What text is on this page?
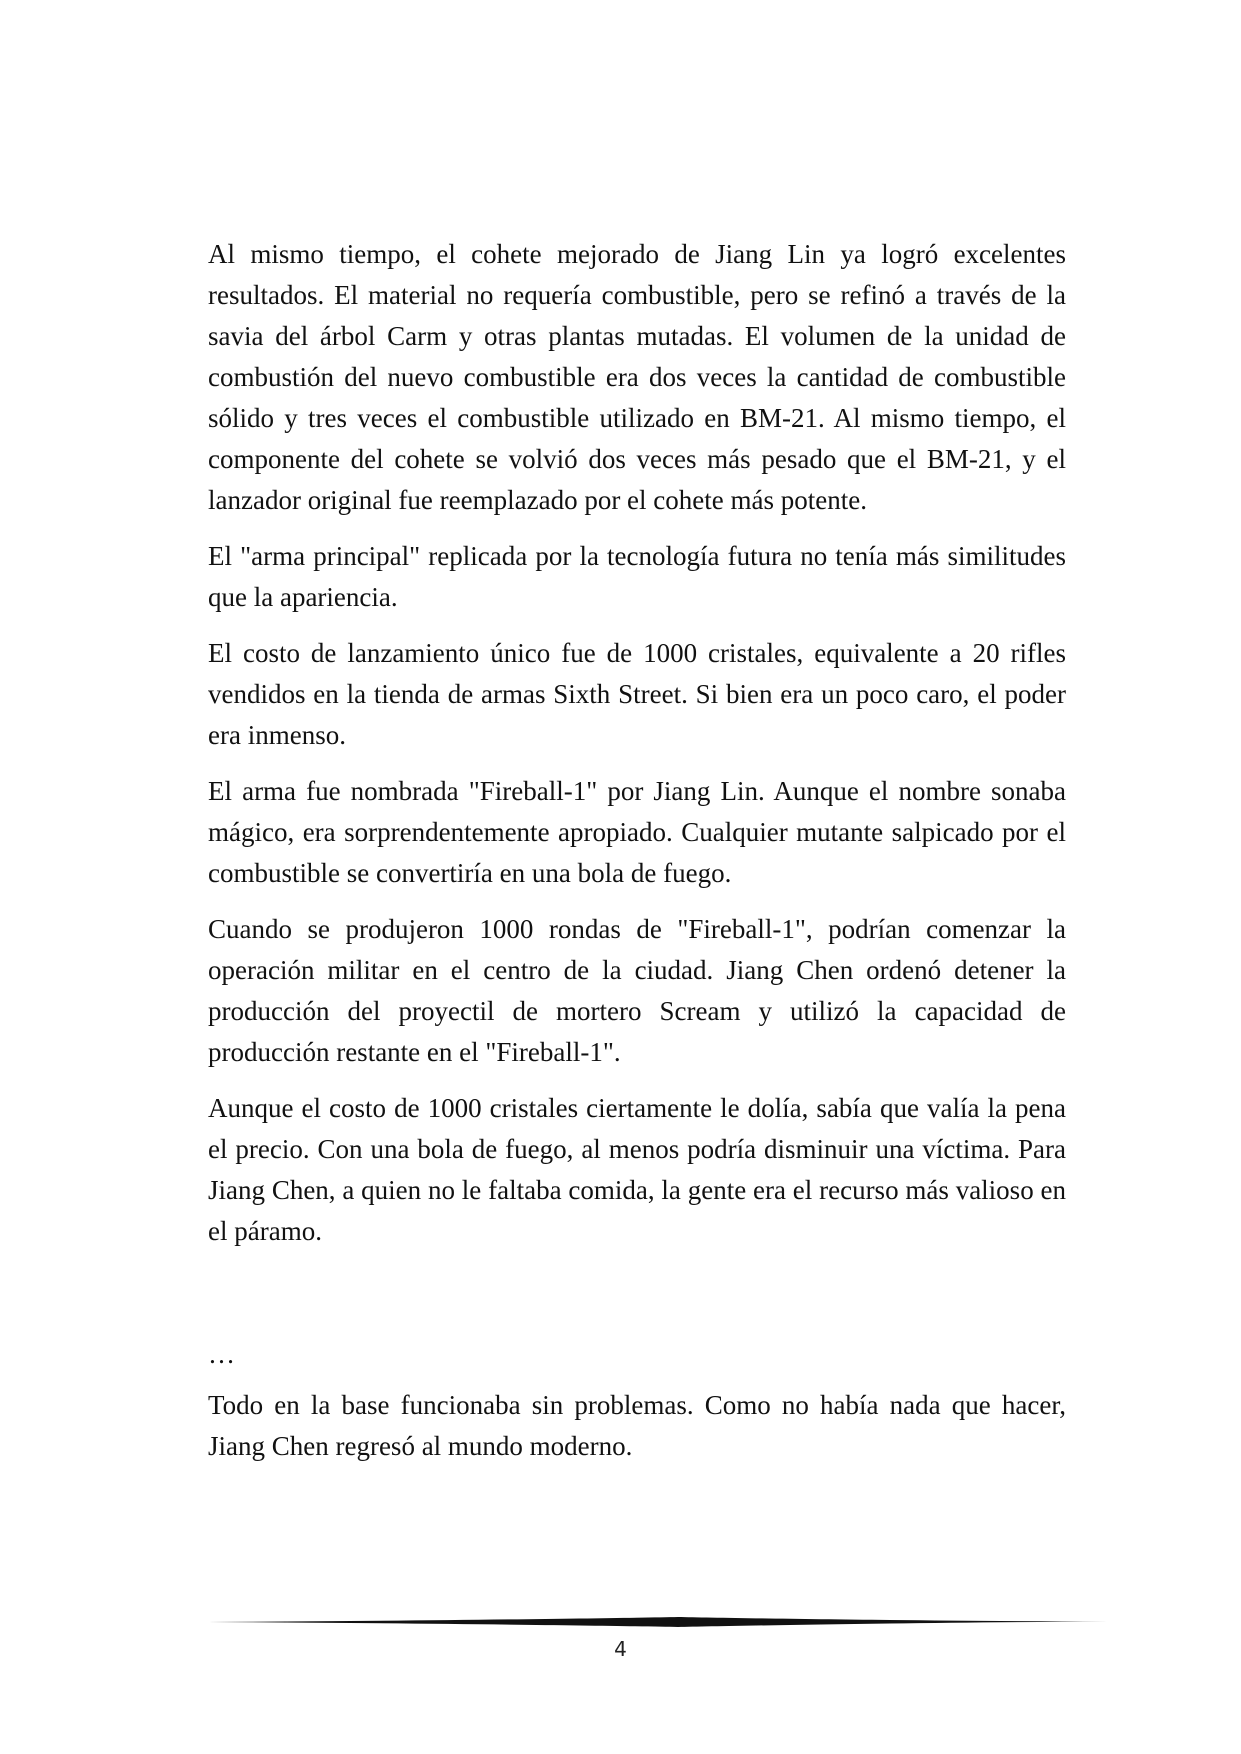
Al mismo tiempo, el cohete mejorado de Jiang Lin ya logró excelentes resultados. El material no requería combustible, pero se refinó a través de la savia del árbol Carm y otras plantas mutadas. El volumen de la unidad de combustión del nuevo combustible era dos veces la cantidad de combustible sólido y tres veces el combustible utilizado en BM-21. Al mismo tiempo, el componente del cohete se volvió dos veces más pesado que el BM-21, y el lanzador original fue reemplazado por el cohete más potente.

El "arma principal" replicada por la tecnología futura no tenía más similitudes que la apariencia.

El costo de lanzamiento único fue de 1000 cristales, equivalente a 20 rifles vendidos en la tienda de armas Sixth Street. Si bien era un poco caro, el poder era inmenso.

El arma fue nombrada "Fireball-1" por Jiang Lin. Aunque el nombre sonaba mágico, era sorprendentemente apropiado. Cualquier mutante salpicado por el combustible se convertiría en una bola de fuego.

Cuando se produjeron 1000 rondas de "Fireball-1", podrían comenzar la operación militar en el centro de la ciudad. Jiang Chen ordenó detener la producción del proyectil de mortero Scream y utilizó la capacidad de producción restante en el "Fireball-1".

Aunque el costo de 1000 cristales ciertamente le dolía, sabía que valía la pena el precio. Con una bola de fuego, al menos podría disminuir una víctima. Para Jiang Chen, a quien no le faltaba comida, la gente era el recurso más valioso en el páramo.

…

Todo en la base funcionaba sin problemas. Como no había nada que hacer, Jiang Chen regresó al mundo moderno.

4
